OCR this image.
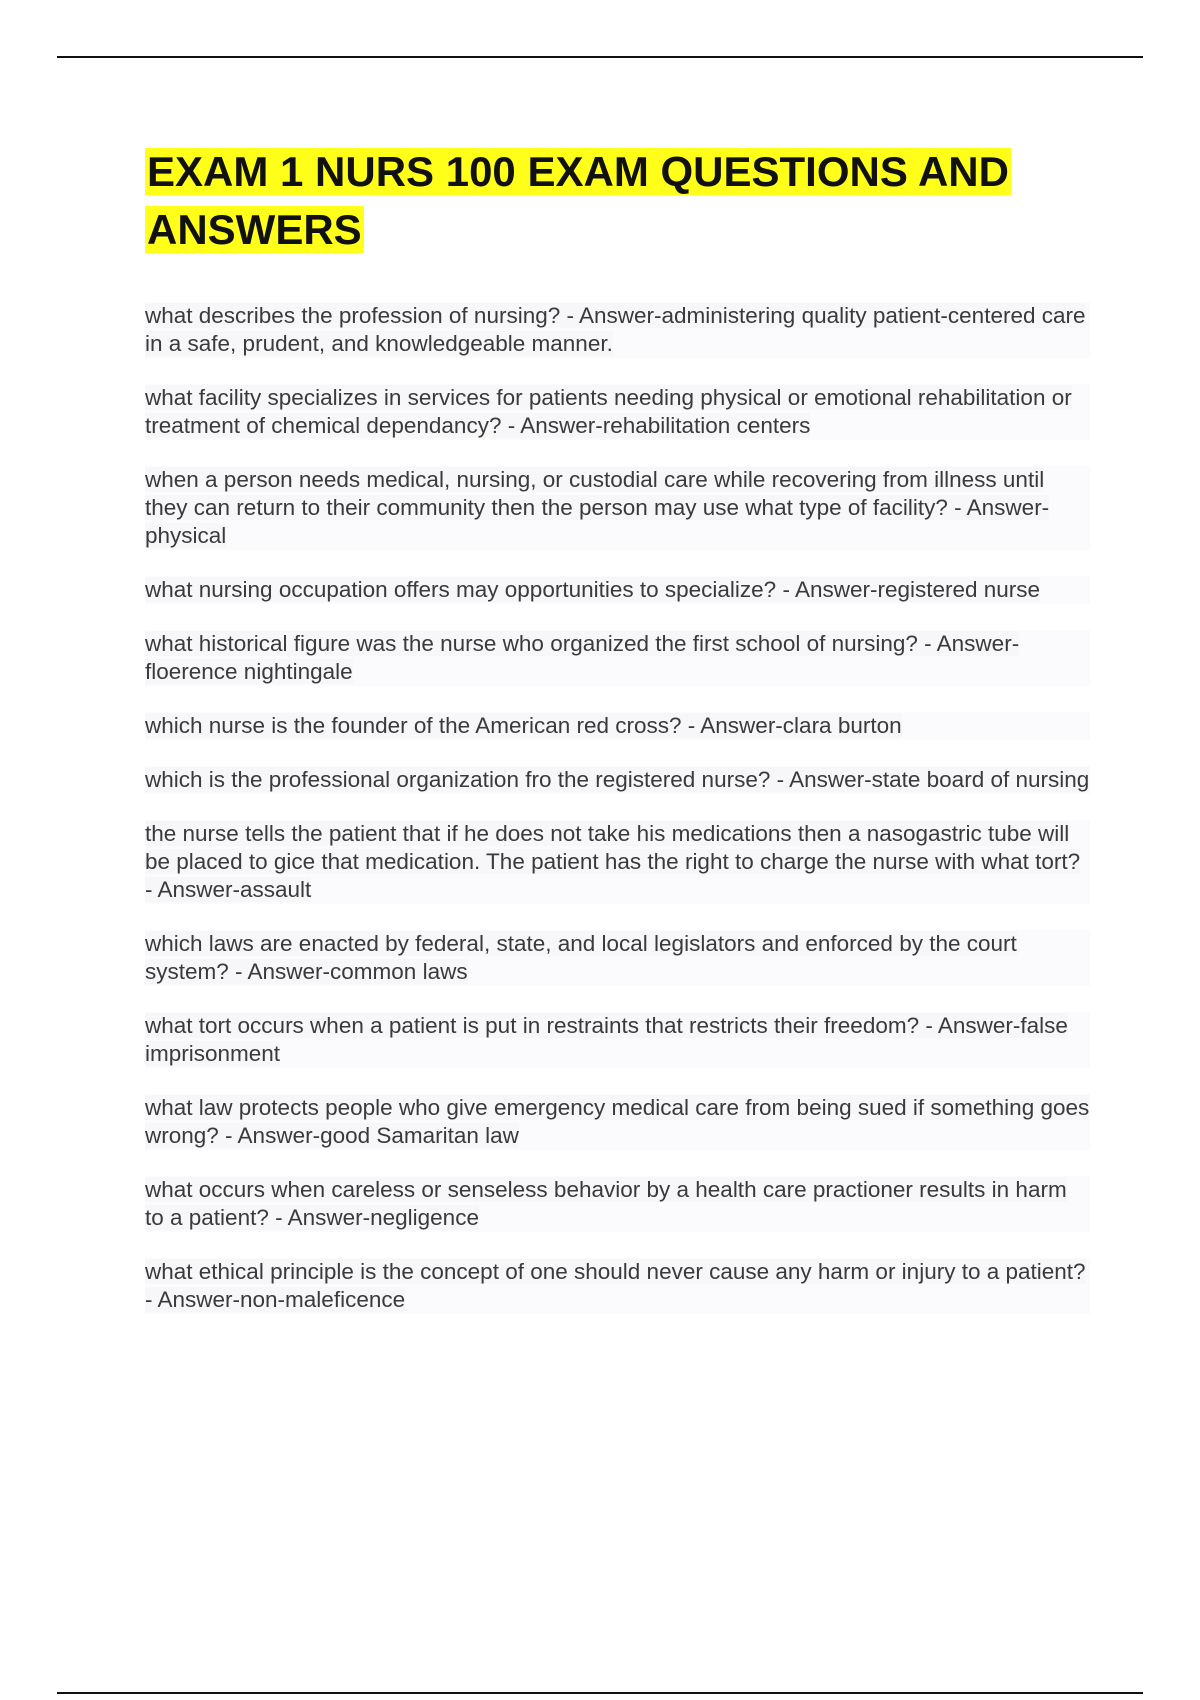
EXAM 1 NURS 100 EXAM QUESTIONS AND ANSWERS

what describes the profession of nursing? - Answer-administering quality patient-centered care in a safe, prudent, and knowledgeable manner.

what facility specializes in services for patients needing physical or emotional rehabilitation or treatment of chemical dependancy? - Answer-rehabilitation centers

when a person needs medical, nursing, or custodial care while recovering from illness until they can return to their community then the person may use what type of facility? - Answer-physical

what nursing occupation offers may opportunities to specialize? - Answer-registered nurse

what historical figure was the nurse who organized the first school of nursing? - Answer-floerence nightingale

which nurse is the founder of the American red cross? - Answer-clara burton

which is the professional organization fro the registered nurse? - Answer-state board of nursing

the nurse tells the patient that if he does not take his medications then a nasogastric tube will be placed to gice that medication. The patient has the right to charge the nurse with what tort? - Answer-assault

which laws are enacted by federal, state, and local legislators and enforced by the court system? - Answer-common laws

what tort occurs when a patient is put in restraints that restricts their freedom? - Answer-false imprisonment

what law protects people who give emergency medical care from being sued if something goes wrong? - Answer-good Samaritan law

what occurs when careless or senseless behavior by a health care practioner results in harm to a patient? - Answer-negligence

what ethical principle is the concept of one should never cause any harm or injury to a patient? - Answer-non-maleficence
